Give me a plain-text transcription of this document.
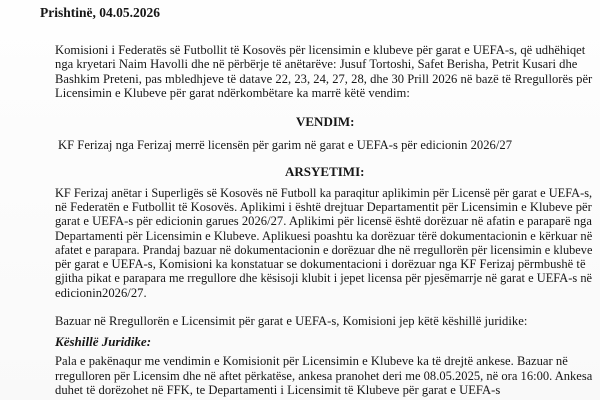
Prishtinë, 04.05.2026
Komisioni i Federatës së Futbollit të Kosovës për licensimin e klubeve për garat e UEFA-s, që udhëhiqet
nga kryetari Naim Havolli dhe në përbërje të anëtarëve: Jusuf Tortoshi, Safet Berisha, Petrit Kusari dhe
Bashkim Preteni, pas mbledhjeve të datave 22, 23, 24, 27, 28, dhe 30 Prill 2026 në bazë të Rregullorës për
Licensimin e Klubeve për garat ndërkombëtare ka marrë këtë vendim:
VENDIM:
KF Ferizaj nga Ferizaj merrë licensën për garim në garat e UEFA-s për edicionin 2026/27
ARSYETIMI:
KF Ferizaj anëtar i Superligës së Kosovës në Futboll ka paraqitur aplikimin për Licensë për garat e UEFA-s,
në Federatën e Futbollit të Kosovës. Aplikimi i është drejtuar Departamentit për Licensimin e Klubeve për
garat e UEFA-s për edicionin garues 2026/27. Aplikimi për licensë është dorëzuar në afatin e paraparë nga
Departamenti për Licensimin e Klubeve. Aplikuesi poashtu ka dorëzuar tërë dokumentacionin e kërkuar në
afatet e parapara. Prandaj bazuar në dokumentacionin e dorëzuar dhe në rregullorën për licensimin e klubeve
për garat e UEFA-s, Komisioni ka konstatuar se dokumentacioni i dorëzuar nga KF Ferizaj përmbushë të
gjitha pikat e parapara me rregullore dhe kësisoji klubit i jepet licensa për pjesëmarrje në garat e UEFA-s në
edicionin2026/27.
Bazuar në Rregullorën e Licensimit për garat e UEFA-s, Komisioni jep këtë këshillë juridike:
Këshillë Juridike:
Pala e pakënaqur me vendimin e Komisionit për Licensimin e Klubeve ka të drejtë ankese. Bazuar në
rregulloren për Licensim dhe në aftet përkatëse, ankesa pranohet deri me 08.05.2025, në ora 16:00. Ankesa
duhet të dorëzohet në FFK, te Departamenti i Licensimit të Klubeve për garat e UEFA-s
